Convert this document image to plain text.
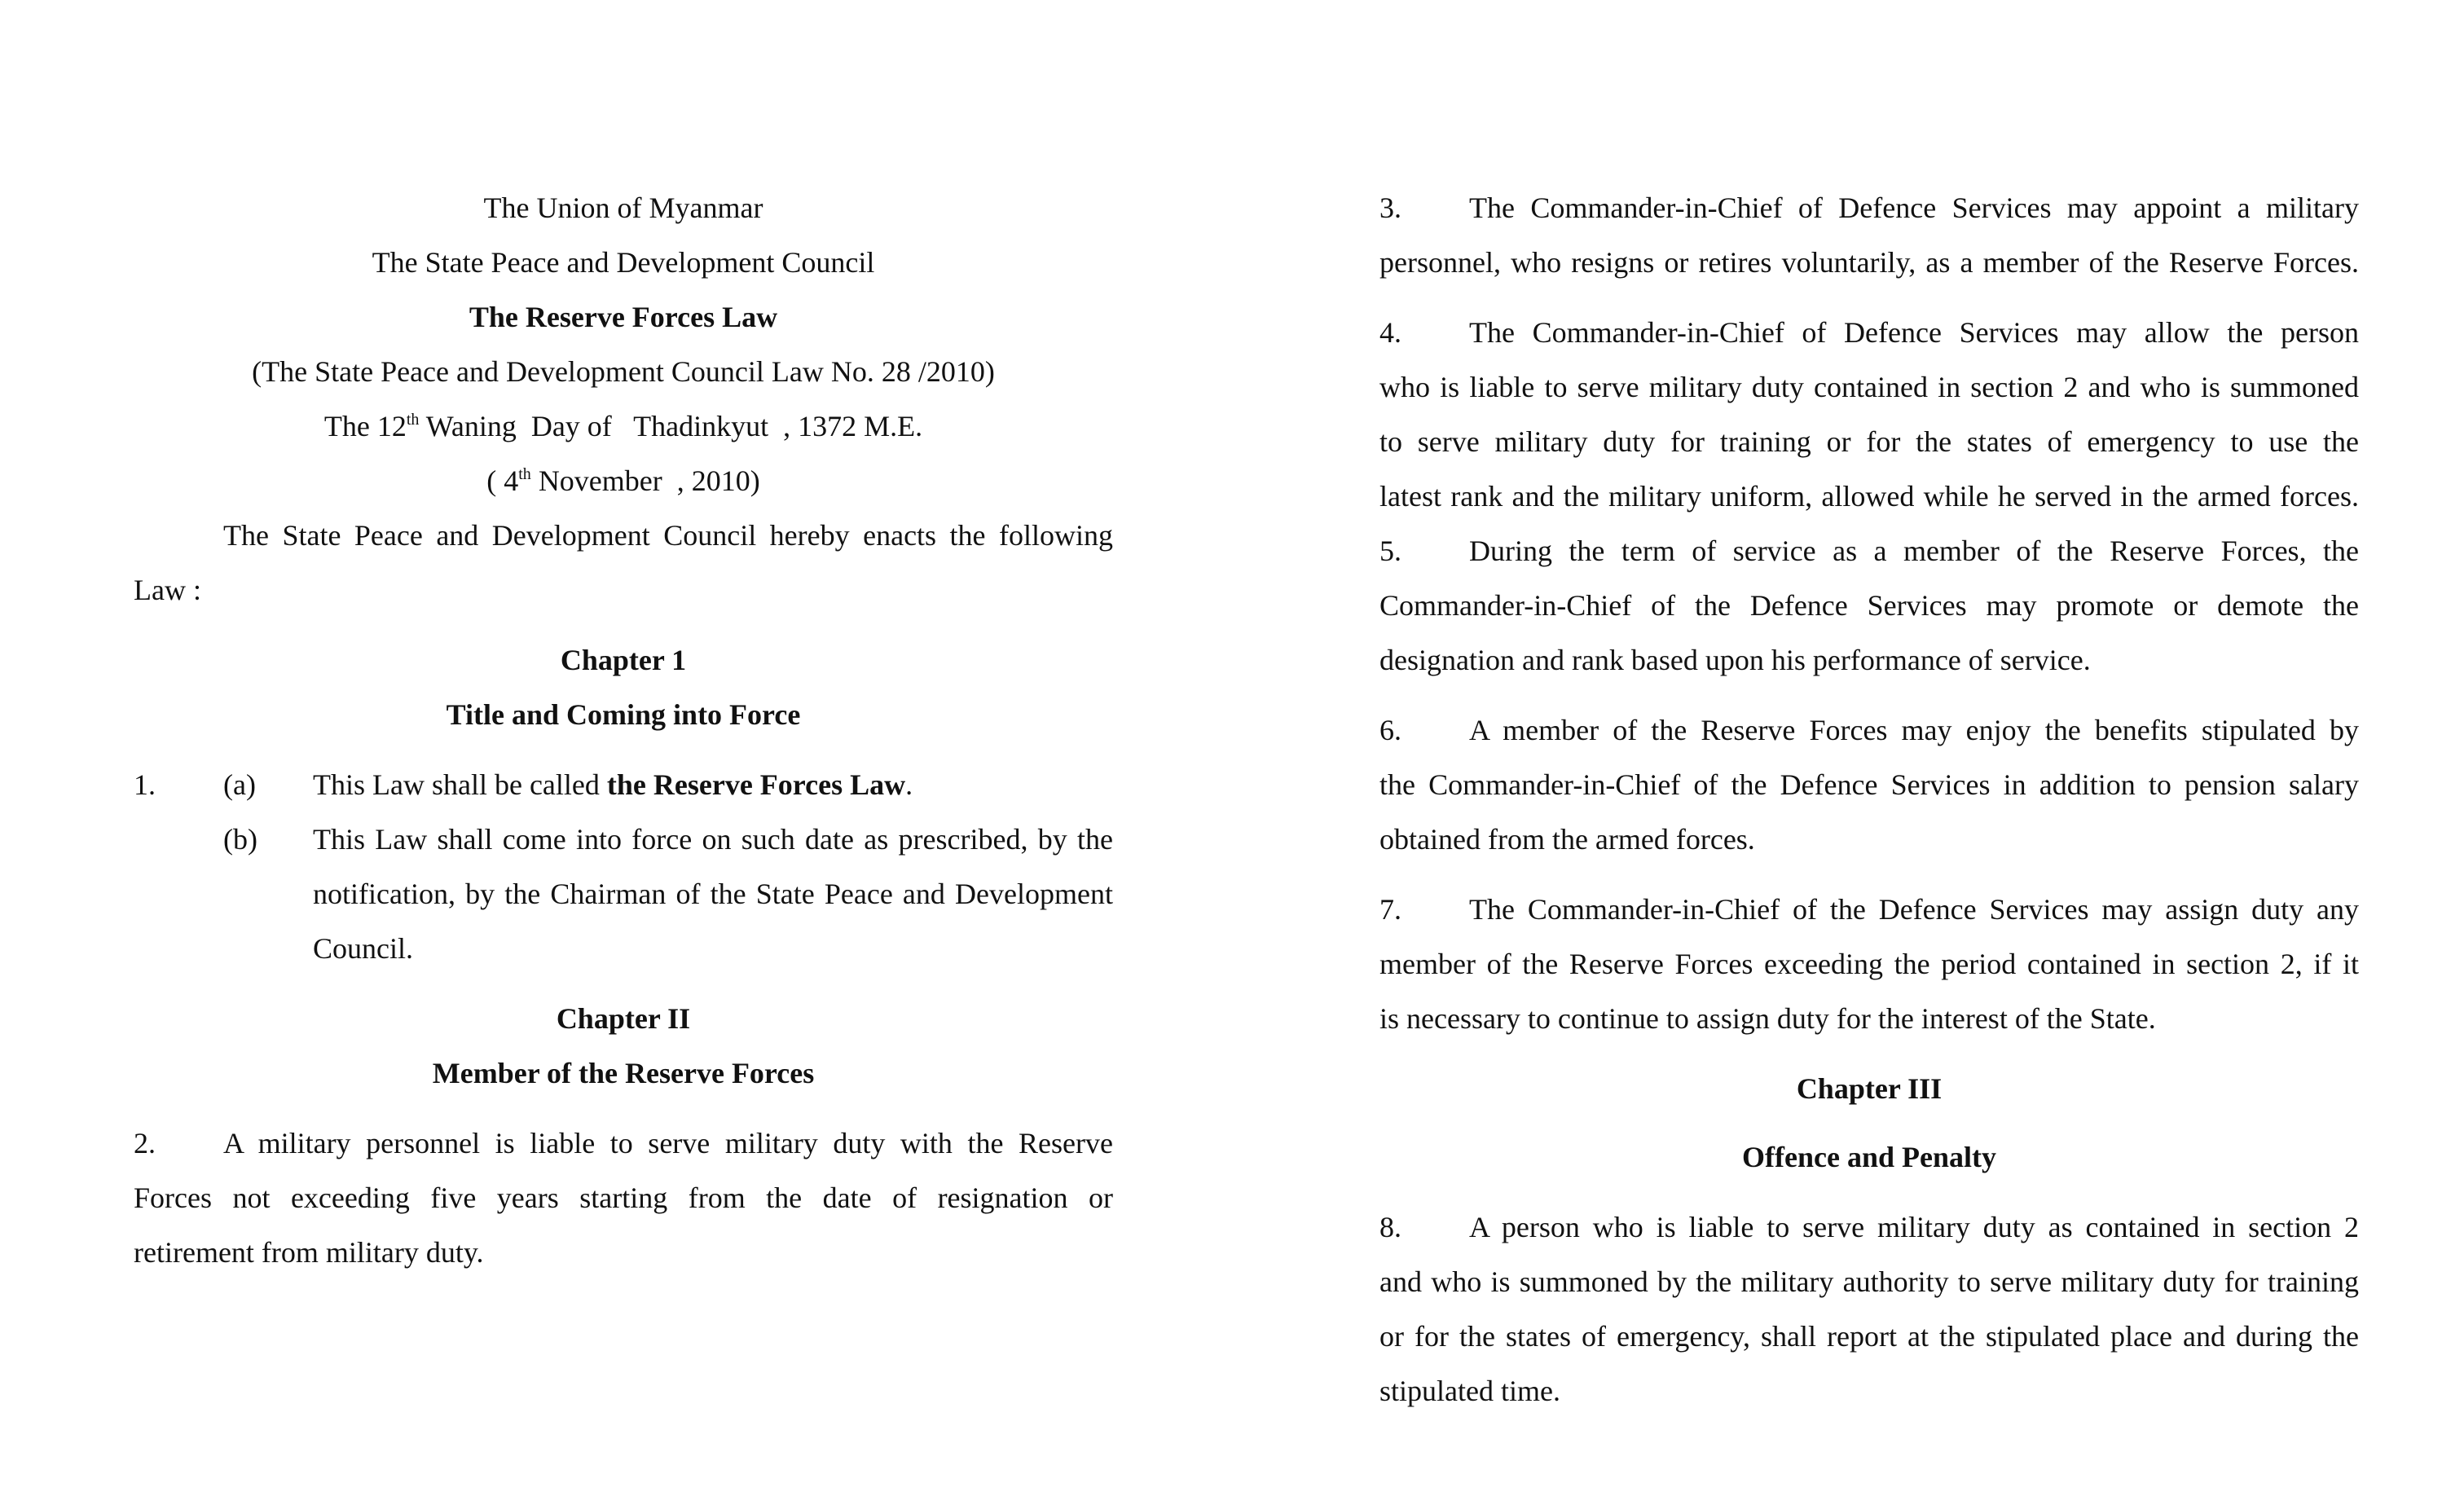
The Union of Myanmar
The State Peace and Development Council
The Reserve Forces Law
(The State Peace and Development Council Law No. 28 /2010)
The 12th Waning  Day of   Thadinkyut  , 1372 M.E.
( 4th November  , 2010)
The State Peace and Development Council hereby enacts the following
Law :
Chapter 1
Title and Coming into Force
1. (a) This Law shall be called the Reserve Forces Law.
(b)	This Law shall come into force on such date as prescribed, by the
notification, by the Chairman of the State Peace and Development
Council.
Chapter II
Member of the Reserve Forces
2.	A military personnel is liable to serve military duty with the Reserve
Forces not exceeding five years starting from the date of resignation or
retirement from military duty.
3.	The Commander-in-Chief of Defence Services may appoint a military
personnel, who resigns or retires voluntarily, as a member of the Reserve Forces.
4.	The Commander-in-Chief of Defence Services may allow the person
who is liable to serve military duty contained in section 2 and who is summoned
to serve military duty for training or for the states of emergency to use the
latest rank and the military uniform, allowed while he served in the armed forces.
5.	During the term of service as a member of the Reserve Forces, the
Commander-in-Chief of the Defence Services may promote or demote the
designation and rank based upon his performance of service.
6.	A member of the Reserve Forces may enjoy the benefits stipulated by
the Commander-in-Chief of the Defence Services in addition to pension salary
obtained from the armed forces.
7.	The Commander-in-Chief of the Defence Services may assign duty any
member of the Reserve Forces exceeding the period contained in section 2, if it
is necessary to continue to assign duty for the interest of the State.
Chapter III
Offence and Penalty
8.	A person who is liable to serve military duty as contained in section 2
and who is summoned by the military authority to serve military duty for training
or for the states of emergency, shall report at the stipulated place and during the
stipulated time.
